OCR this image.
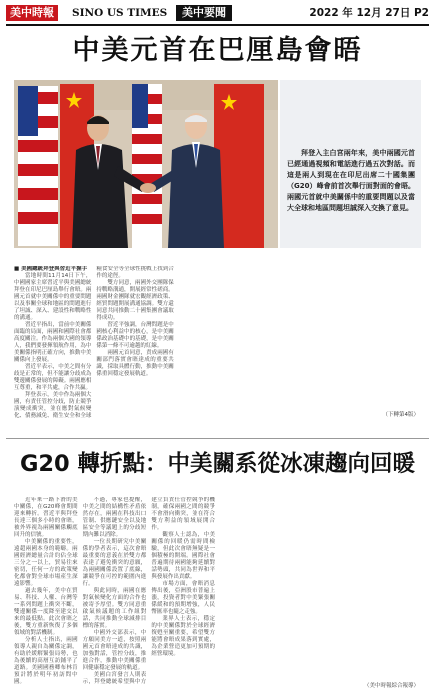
美中時報	SINO US TIMES	美中要聞	2022 年 12月 27日 P2
中美元首在巴厘島會晤
拜登入主白宮兩年來，美中兩國元首已經通過視頻和電話進行過五次對話。而這是兩人到現在在印尼出席二十國集團（G20）峰會前首次舉行面對面的會晤。兩國元首就中美關係中的重要問題以及當大全球和地區問題坦誠深入交換了意見。

■ 美國總統拜登與習近平握手

當地時間11月14日下午，中國國家主席習近平與美國總統拜登在印尼巴厘島舉行會晤。兩國元首就中美關係中的重要問題以及事關全球和地區的問題進行了坦誠、深入、建設性和戰略性的溝通。

習近平指出，當前中美關係面臨的局面，兩國和國際社會都高度關注。作為兩個大國的領導人，我們要發揮領航作用，為中美關係指明正確方向，推動中美關係向上發展。

習近平表示，中美之間有分歧是正常的，但不能讓分歧成為雙邊關係發展的障礙。兩國應相互尊重，和平共處，合作共贏。

拜登表示，美中作為兩個大國，有責任管控分歧，防止競爭演變成衝突，並在應對氣候變化、債務減免、衛生安全和全球糧食安全等全球性挑戰上找到合作的途徑。

雙方同意，兩國外交團隊保持戰略溝通，開展經常性磋商。兩國財金團隊就宏觀經濟政策、經貿問題開展溝通協調。雙方還同意共同推動二十國集團會議取得成功。

習近平強調，台灣問題是中國核心利益中的核心，是中美關係政治基礎中的基礎，是中美關係第一條不可逾越的紅線。

兩國元首同意，責成兩國有關部門落實會晤達成的重要共識，採取具體行動，推動中美關係重回穩定發展軌道。

（下轉第4版）
G20 轉折點：中美關系從冰凍趨向回暖

近年來一路下滑的美中關係，在G20峰會期間迎來轉折。習近平與拜登長達三個多小時的會晤，被外界視為兩國關係觸底回升的信號。

中美關係的重要性，遠超兩國本身的範疇。兩國經濟總量合計約佔全球三分之一以上，貿易往來密切，任何一方的政策變化都會對全球市場產生深遠影響。

過去幾年，美中在貿易、科技、人權、台灣等一系列問題上衝突不斷，雙邊關係一度降至建交以來的最低點。此次會晤之後，雙方重新恢復了多個領域的對話機制。

分析人士指出，兩國領導人親自為關係定調，有助於緩解緊張局勢，也為後續的高層互訪鋪平了道路。美國國務卿布林肯預計將於明年初訪問中國。

不過，專家也提醒，中美之間的結構性矛盾依然存在，兩國在科技出口管制、供應鏈安全以及地區安全等議題上的分歧短期內難以消除。

一位長期研究中美關係的學者表示，這次會晤最重要的意義在於雙方都表達了避免衝突的意願，為兩國關係設置了底線，讓競爭在可控的範圍內進行。

與此同時，兩國在應對氣候變化方面的合作也被寄予厚望。雙方同意重啟氣候議題的工作組對話，共同推動全球減排目標的落實。

中國外交部表示，中方願同美方一道，按照兩國元首會晤達成的共識，加強對話，管控分歧，推進合作，推動中美關係重回健康穩定發展的軌道。

美國白宮發言人則表示，拜登總統希望與中方建立負責任管控競爭的機制，確保兩國之間的競爭不會滑向衝突，並在符合雙方利益的領域展開合作。

觀察人士認為，中美關係的回暖仍需時間檢驗，但此次會晤無疑是一個積極的開端。國際社會普遍期待兩國能夠延續對話勢頭，共同為世界和平與發展作出貢獻。

市場方面，會晤消息傳出後，亞洲股市普遍上漲，投資者對中美緊張關係緩和的預期增強，人民幣匯率也隨之走強。

業界人士表示，穩定的中美關係對於全球經濟復甦至關重要，希望雙方能將會晤成果落到實處，為企業營造更加可預期的經營環境。

（美中時報綜合報導）
